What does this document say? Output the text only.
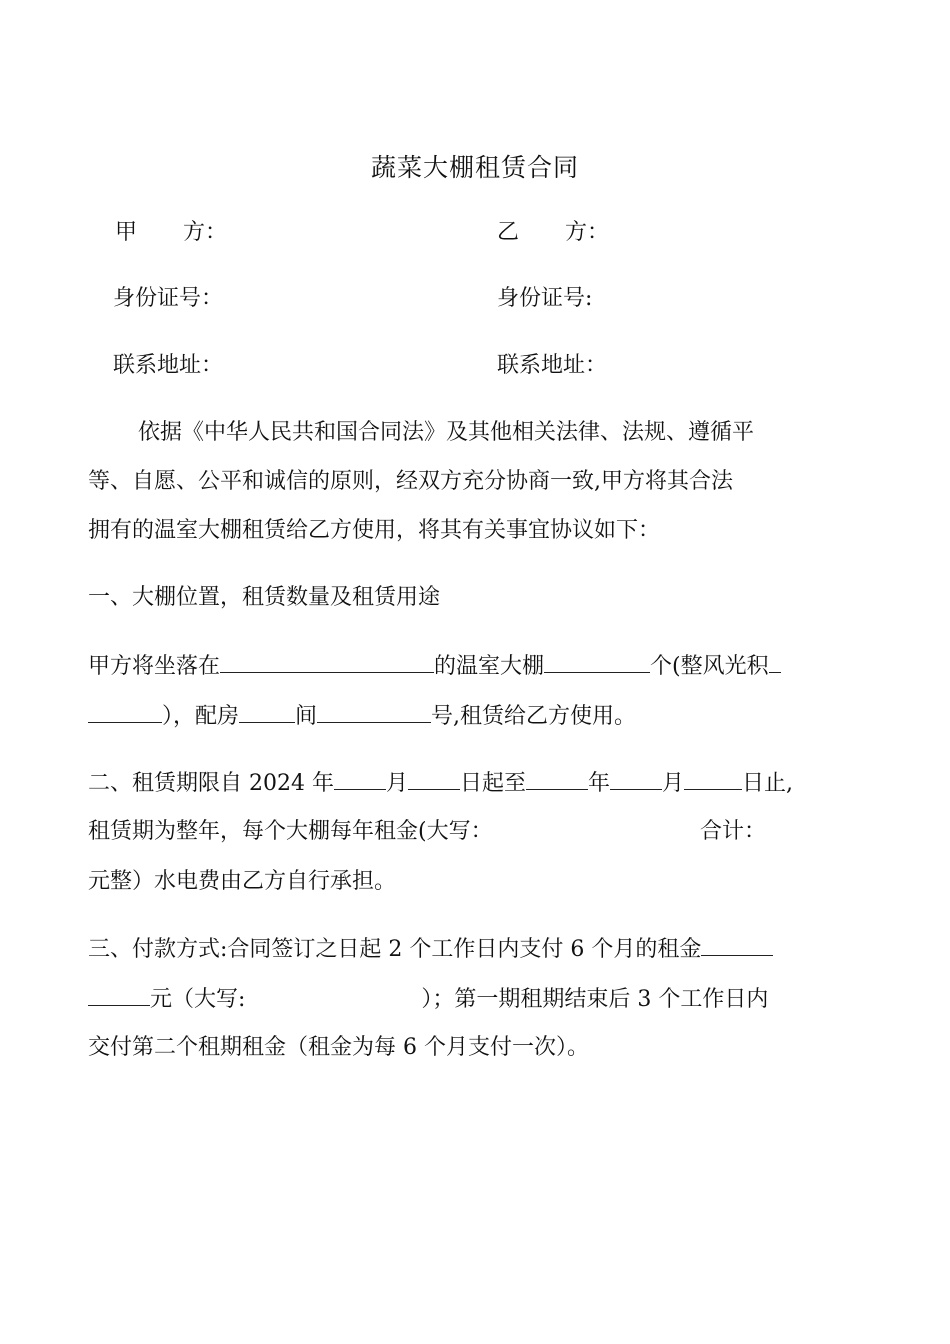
蔬菜大棚租赁合同
甲 方：	乙 方：
身份证号：	身份证号:
联系地址：	联系地址：
依据《中华人民共和国合同法》及其他相关法律、法规、遵循平
等、自愿、公平和诚信的原则，经双方充分协商一致,甲方将其合法
拥有的温室大棚租赁给乙方使用，将其有关事宜协议如下：
一、大棚位置，租赁数量及租赁用途
甲方将坐落在	的温室大棚	个(整风光积
），配房	间	号,租赁给乙方使用。
二、租赁期限自 2024 年 月 日起至	年 月	日止,
租赁期为整年，每个大棚每年租金(大写：	合计：
元整）水电费由乙方自行承担。
三、付款方式:合同签订之日起 2 个工作日内支付 6 个月的租金
元（大写:	）；第一期租期结束后 3 个工作日内
交付第二个租期租金（租金为每 6 个月支付一次）。
